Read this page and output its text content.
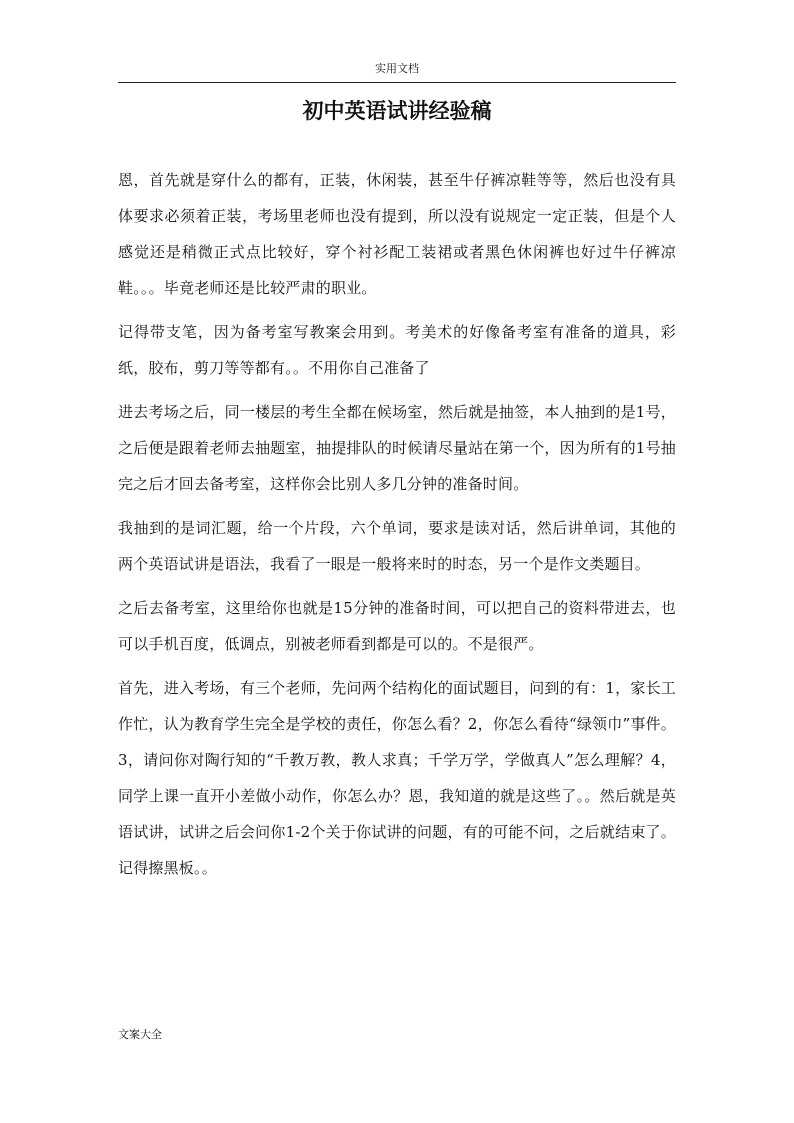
实用文档
初中英语试讲经验稿

恩，首先就是穿什么的都有，正装，休闲装，甚至牛仔裤凉鞋等等，然后也没有具体要求必须着正装，考场里老师也没有提到，所以没有说规定一定正装，但是个人感觉还是稍微正式点比较好，穿个衬衫配工装裙或者黑色休闲裤也好过牛仔裤凉鞋。。。毕竟老师还是比较严肃的职业。

记得带支笔，因为备考室写教案会用到。考美术的好像备考室有准备的道具，彩纸，胶布，剪刀等等都有。。不用你自己准备了

进去考场之后，同一楼层的考生全都在候场室，然后就是抽签，本人抽到的是1号，之后便是跟着老师去抽题室，抽提排队的时候请尽量站在第一个，因为所有的1号抽完之后才回去备考室，这样你会比别人多几分钟的准备时间。

我抽到的是词汇题，给一个片段，六个单词，要求是读对话，然后讲单词，其他的两个英语试讲是语法，我看了一眼是一般将来时的时态，另一个是作文类题目。

之后去备考室，这里给你也就是15分钟的准备时间，可以把自己的资料带进去，也可以手机百度，低调点，别被老师看到都是可以的。不是很严。

首先，进入考场，有三个老师，先问两个结构化的面试题目，问到的有：1，家长工作忙，认为教育学生完全是学校的责任，你怎么看？2，你怎么看待“绿领巾”事件。3，请问你对陶行知的“千教万教，教人求真；千学万学，学做真人”怎么理解？4，同学上课一直开小差做小动作，你怎么办？恩，我知道的就是这些了。。然后就是英语试讲，试讲之后会问你1-2个关于你试讲的问题，有的可能不问，之后就结束了。记得擦黑板。。

文案大全
